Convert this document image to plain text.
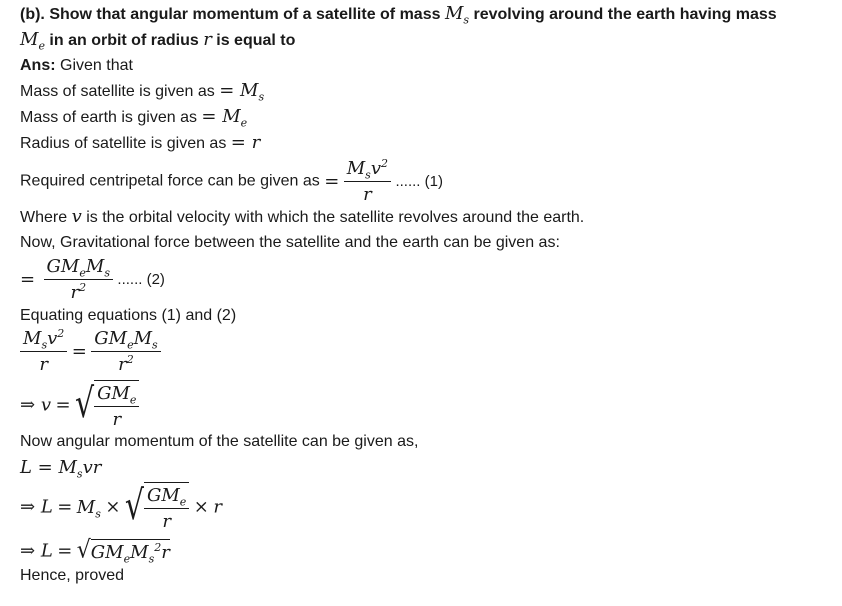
(b). Show that angular momentum of a satellite of mass $M_s$ revolving around the earth having mass
$M_e$ in an orbit of radius r is equal to
Ans: Given that
Mass of satellite is given as = $M_s$
Mass of earth is given as = $M_e$
Radius of satellite is given as = r
Required centripetal force can be given as = $\frac{M_sv^2}{r}$ ...... (1)
Where v is the orbital velocity with which the satellite revolves around the earth.
Now, Gravitational force between the satellite and the earth can be given as:
= $\frac{GM_eM_s}{r^2}$ ...... (2)
Equating equations (1) and (2)
$\frac{M_sv^2}{r} = \frac{GM_eM_s}{r^2}$
⇒ v = √ $\frac{GM_e}{r}$
Now angular momentum of the satellite can be given as,
$L = M_svr$
⇒ $L = M_s$ × √ $\frac{GM_e}{r} \times r$
⇒ $L = √GM_eM_s^2r$
Hence, proved
